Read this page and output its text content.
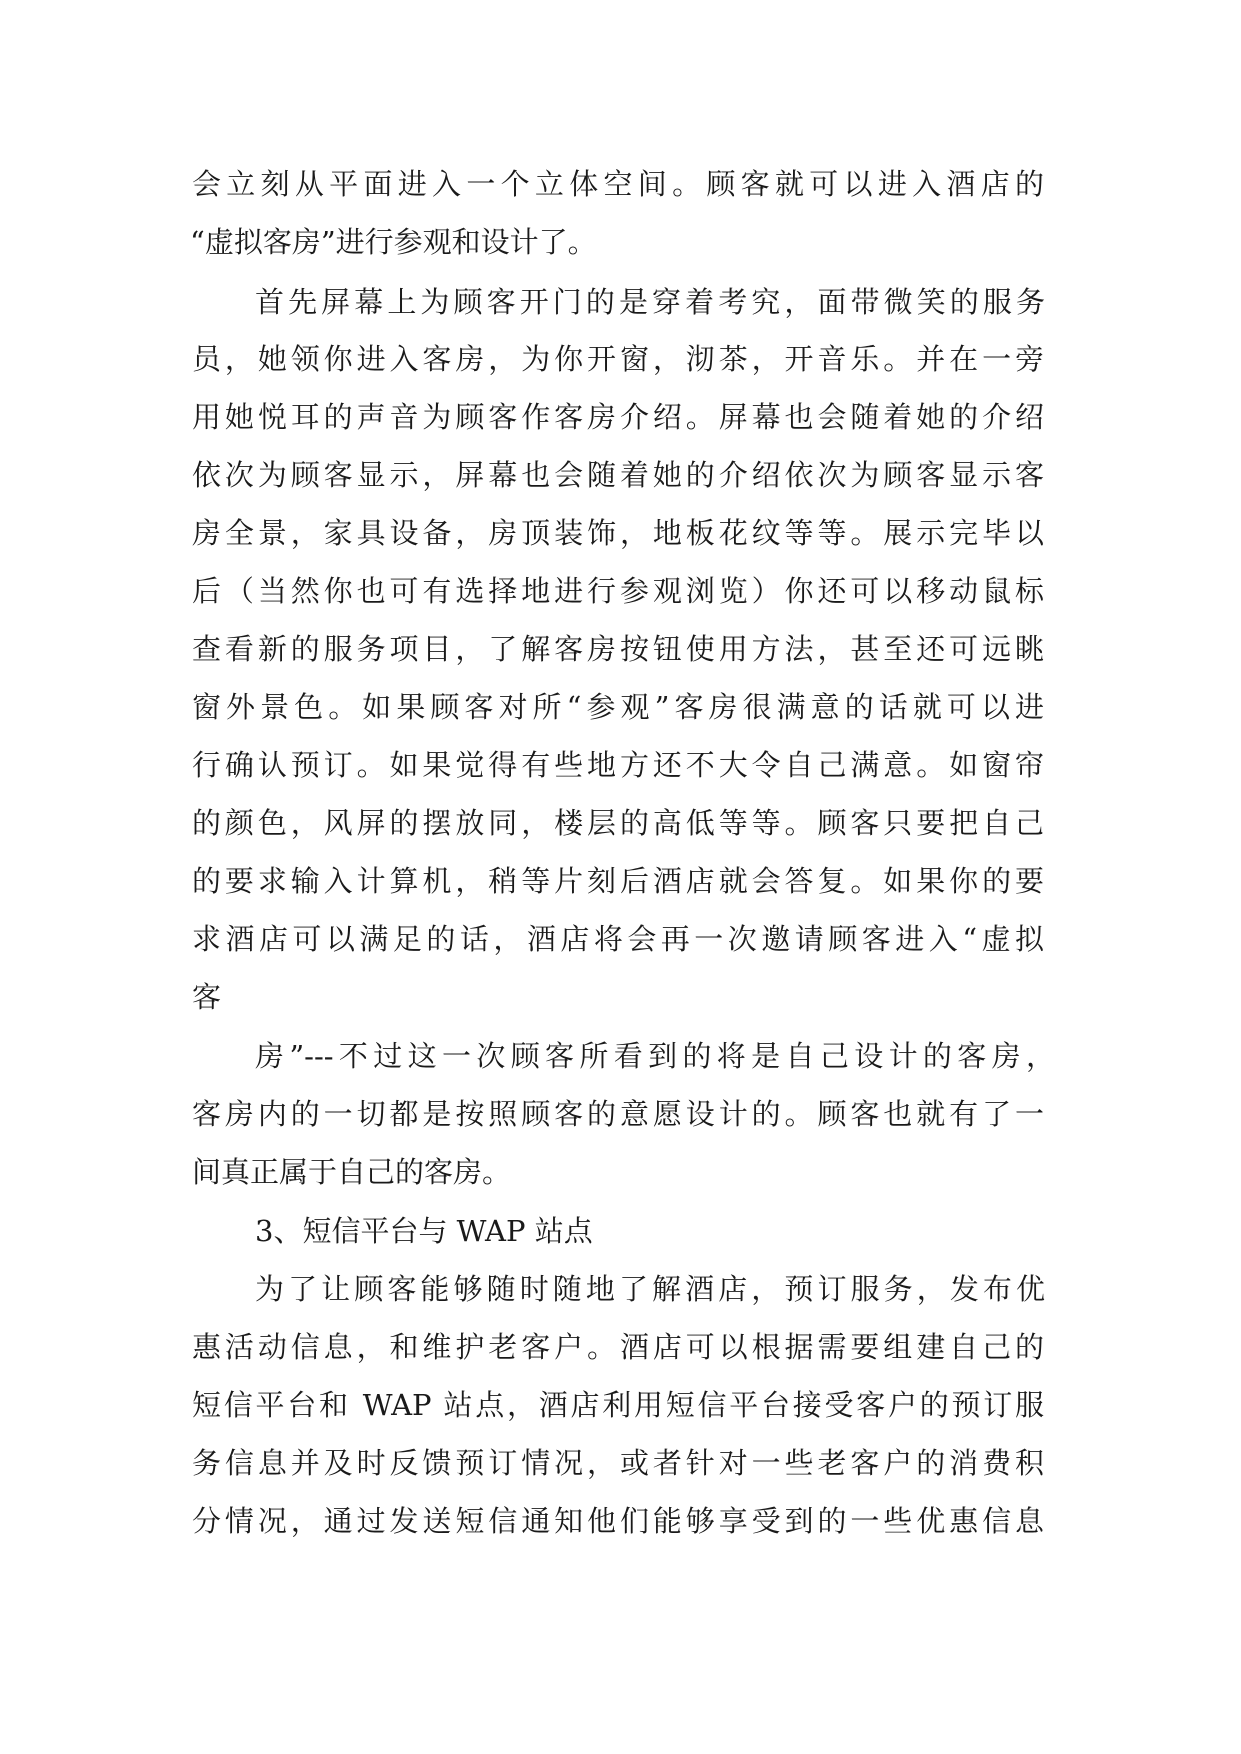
会立刻从平面进入一个立体空间。顾客就可以进入酒店的

“虚拟客房”进行参观和设计了。

首先屏幕上为顾客开门的是穿着考究，面带微笑的服务

员，她领你进入客房，为你开窗，沏茶，开音乐。并在一旁

用她悦耳的声音为顾客作客房介绍。屏幕也会随着她的介绍

依次为顾客显示，屏幕也会随着她的介绍依次为顾客显示客

房全景，家具设备，房顶装饰，地板花纹等等。展示完毕以

后（当然你也可有选择地进行参观浏览）你还可以移动鼠标

查看新的服务项目，了解客房按钮使用方法，甚至还可远眺

窗外景色。如果顾客对所“参观”客房很满意的话就可以进

行确认预订。如果觉得有些地方还不大令自己满意。如窗帘

的颜色，风屏的摆放同，楼层的高低等等。顾客只要把自己

的要求输入计算机，稍等片刻后酒店就会答复。如果你的要

求酒店可以满足的话，酒店将会再一次邀请顾客进入“虚拟

客

房”---不过这一次顾客所看到的将是自己设计的客房，

客房内的一切都是按照顾客的意愿设计的。顾客也就有了一

间真正属于自己的客房。

3、短信平台与 WAP 站点

为了让顾客能够随时随地了解酒店，预订服务，发布优

惠活动信息，和维护老客户。酒店可以根据需要组建自己的

短信平台和 WAP 站点，酒店利用短信平台接受客户的预订服

务信息并及时反馈预订情况，或者针对一些老客户的消费积

分情况，通过发送短信通知他们能够享受到的一些优惠信息
